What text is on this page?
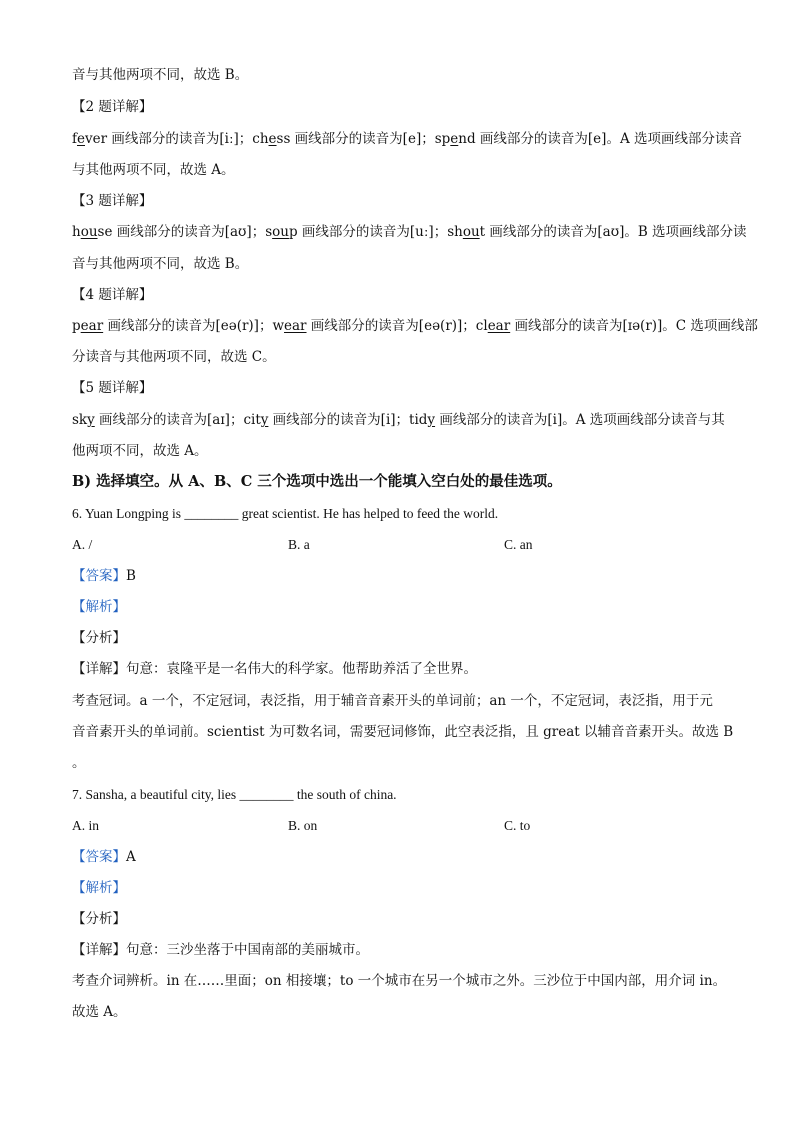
音与其他两项不同，故选 B。
【2 题详解】
fever 画线部分的读音为[iː]；chess 画线部分的读音为[e]；spend 画线部分的读音为[e]。A 选项画线部分读音
与其他两项不同，故选 A。
【3 题详解】
house 画线部分的读音为[aʊ]；soup 画线部分的读音为[uː]；shout 画线部分的读音为[aʊ]。B 选项画线部分读
音与其他两项不同，故选 B。
【4 题详解】
pear 画线部分的读音为[eə(r)]；wear 画线部分的读音为[eə(r)]；clear 画线部分的读音为[ɪə(r)]。C 选项画线部
分读音与其他两项不同，故选 C。
【5 题详解】
sky 画线部分的读音为[aɪ]；city 画线部分的读音为[i]；tidy 画线部分的读音为[i]。A 选项画线部分读音与其
他两项不同，故选 A。
B) 选择填空。从 A、B、C 三个选项中选出一个能填入空白处的最佳选项。
6. Yuan Longping is ________ great scientist. He has helped to feed the world.
A. /	B. a	C. an
【答案】B
【解析】
【分析】
【详解】句意：袁隆平是一名伟大的科学家。他帮助养活了全世界。
考查冠词。a 一个，不定冠词，表泛指，用于辅音音素开头的单词前；an 一个，不定冠词，表泛指，用于元
音音素开头的单词前。scientist 为可数名词，需要冠词修饰，此空表泛指，且 great 以辅音音素开头。故选 B
。
7. Sansha, a beautiful city, lies ________ the south of china.
A. in	B. on	C. to
【答案】A
【解析】
【分析】
【详解】句意：三沙坐落于中国南部的美丽城市。
考查介词辨析。in 在……里面；on 相接壤；to 一个城市在另一个城市之外。三沙位于中国内部，用介词 in。
故选 A。
